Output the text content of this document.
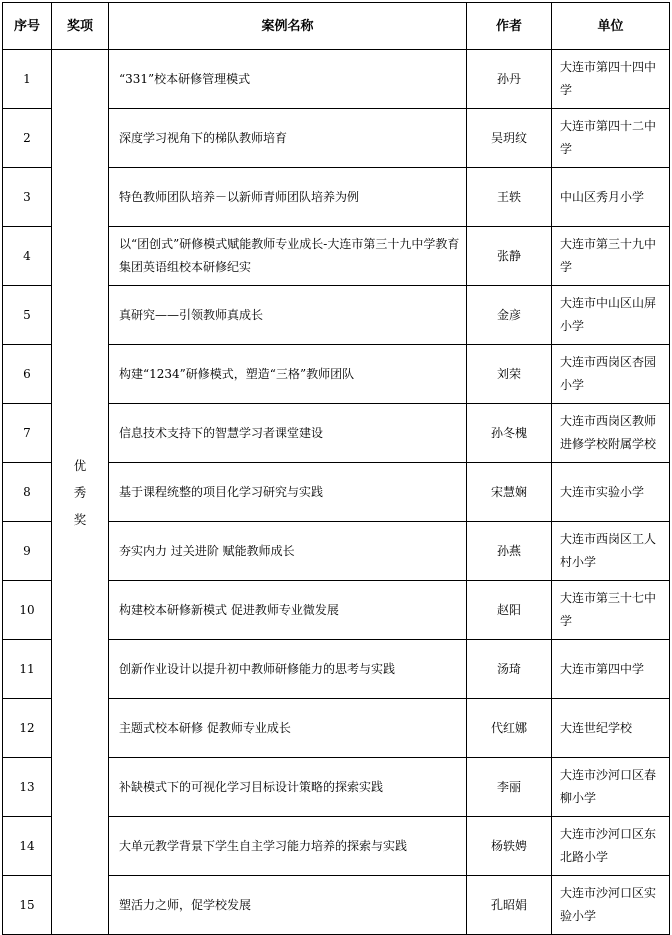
序号	奖项	案例名称	作者	单位
1	优秀奖	“331”校本研修管理模式	孙丹	大连市第四十四中学
2		深度学习视角下的梯队教师培育	吴玥纹	大连市第四十二中学
3		特色教师团队培养－以新师青师团队培养为例	王轶	中山区秀月小学
4		以“团创式”研修模式赋能教师专业成长-大连市第三十九中学教育集团英语组校本研修纪实	张静	大连市第三十九中学
5		真研究——引领教师真成长	金彦	大连市中山区山屏小学
6		构建“1234”研修模式，塑造“三格”教师团队	刘荣	大连市西岗区杏园小学
7		信息技术支持下的智慧学习者课堂建设	孙冬槐	大连市西岗区教师进修学校附属学校
8		基于课程统整的项目化学习研究与实践	宋慧娴	大连市实验小学
9		夯实内力 过关进阶 赋能教师成长	孙燕	大连市西岗区工人村小学
10		构建校本研修新模式 促进教师专业微发展	赵阳	大连市第三十七中学
11		创新作业设计以提升初中教师研修能力的思考与实践	汤琦	大连市第四中学
12		主题式校本研修 促教师专业成长	代红娜	大连世纪学校
13		补缺模式下的可视化学习目标设计策略的探索实践	李丽	大连市沙河口区春柳小学
14		大单元教学背景下学生自主学习能力培养的探索与实践	杨轶娉	大连市沙河口区东北路小学
15		塑活力之师，促学校发展	孔昭娟	大连市沙河口区实验小学
